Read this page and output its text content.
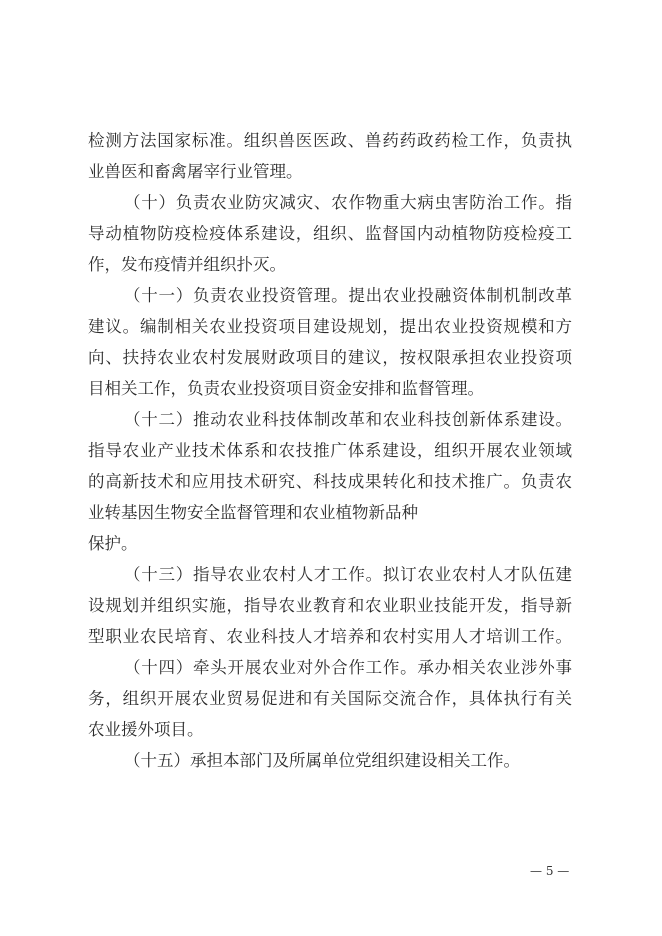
检测方法国家标准。组织兽医医政、兽药药政药检工作，负责执
业兽医和畜禽屠宰行业管理。
（十）负责农业防灾减灾、农作物重大病虫害防治工作。指
导动植物防疫检疫体系建设，组织、监督国内动植物防疫检疫工
作，发布疫情并组织扑灭。
（十一）负责农业投资管理。提出农业投融资体制机制改革
建议。编制相关农业投资项目建设规划，提出农业投资规模和方
向、扶持农业农村发展财政项目的建议，按权限承担农业投资项
目相关工作，负责农业投资项目资金安排和监督管理。
（十二）推动农业科技体制改革和农业科技创新体系建设。
指导农业产业技术体系和农技推广体系建设，组织开展农业领域
的高新技术和应用技术研究、科技成果转化和技术推广。负责农
业转基因生物安全监督管理和农业植物新品种
保护。
（十三）指导农业农村人才工作。拟订农业农村人才队伍建
设规划并组织实施，指导农业教育和农业职业技能开发，指导新
型职业农民培育、农业科技人才培养和农村实用人才培训工作。
（十四）牵头开展农业对外合作工作。承办相关农业涉外事
务，组织开展农业贸易促进和有关国际交流合作，具体执行有关
农业援外项目。
（十五）承担本部门及所属单位党组织建设相关工作。
— 5 —
